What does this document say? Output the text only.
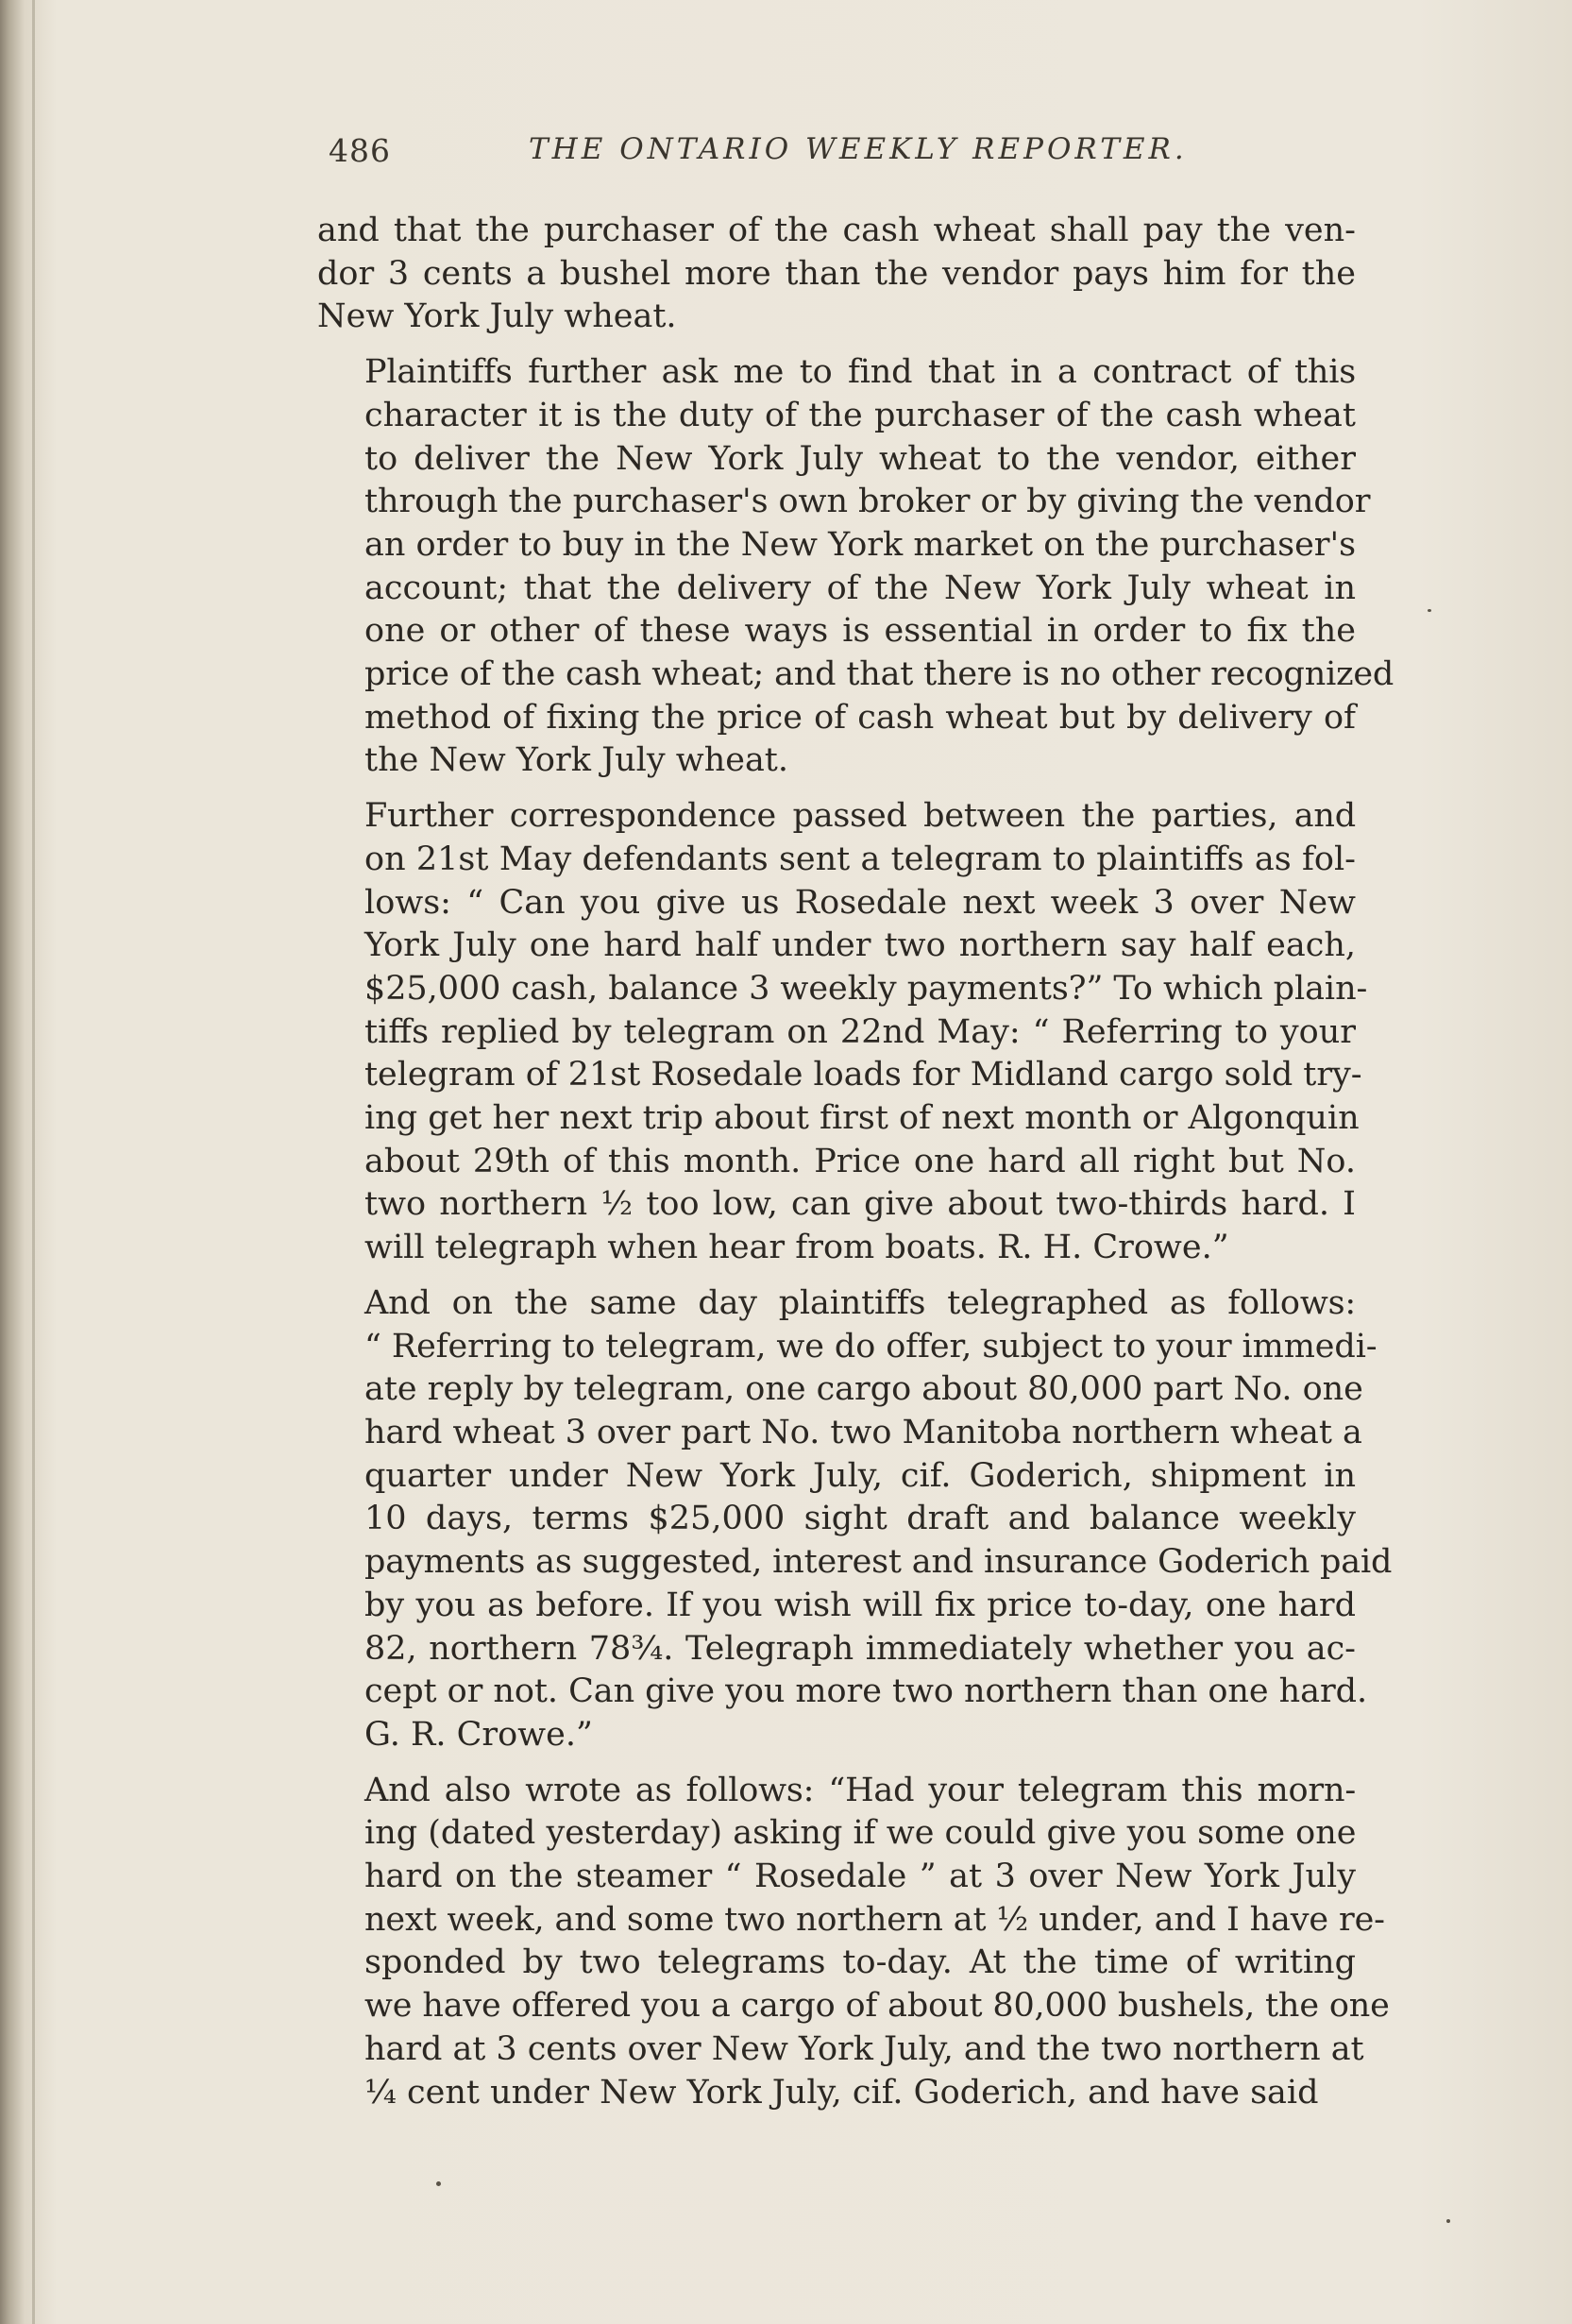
486	THE ONTARIO WEEKLY REPORTER.

and that the purchaser of the cash wheat shall pay the ven-
dor 3 cents a bushel more than the vendor pays him for the
New York July wheat.

Plaintiffs further ask me to find that in a contract of this
character it is the duty of the purchaser of the cash wheat
to deliver the New York July wheat to the vendor, either
through the purchaser's own broker or by giving the vendor
an order to buy in the New York market on the purchaser's
account; that the delivery of the New York July wheat in
one or other of these ways is essential in order to fix the
price of the cash wheat; and that there is no other recognized
method of fixing the price of cash wheat but by delivery of
the New York July wheat.

Further correspondence passed between the parties, and
on 21st May defendants sent a telegram to plaintiffs as fol-
lows: “ Can you give us Rosedale next week 3 over New
York July one hard half under two northern say half each,
$25,000 cash, balance 3 weekly payments?” To which plain-
tiffs replied by telegram on 22nd May: “ Referring to your
telegram of 21st Rosedale loads for Midland cargo sold try-
ing get her next trip about first of next month or Algonquin
about 29th of this month. Price one hard all right but No.
two northern ½ too low, can give about two-thirds hard. I
will telegraph when hear from boats. R. H. Crowe.”

And on the same day plaintiffs telegraphed as follows:
“ Referring to telegram, we do offer, subject to your immedi-
ate reply by telegram, one cargo about 80,000 part No. one
hard wheat 3 over part No. two Manitoba northern wheat a
quarter under New York July, cif. Goderich, shipment in
10 days, terms $25,000 sight draft and balance weekly
payments as suggested, interest and insurance Goderich paid
by you as before. If you wish will fix price to-day, one hard
82, northern 78¾. Telegraph immediately whether you ac-
cept or not. Can give you more two northern than one hard.
G. R. Crowe.”

And also wrote as follows: “Had your telegram this morn-
ing (dated yesterday) asking if we could give you some one
hard on the steamer “ Rosedale ” at 3 over New York July
next week, and some two northern at ½ under, and I have re-
sponded by two telegrams to-day. At the time of writing
we have offered you a cargo of about 80,000 bushels, the one
hard at 3 cents over New York July, and the two northern at
¼ cent under New York July, cif. Goderich, and have said
